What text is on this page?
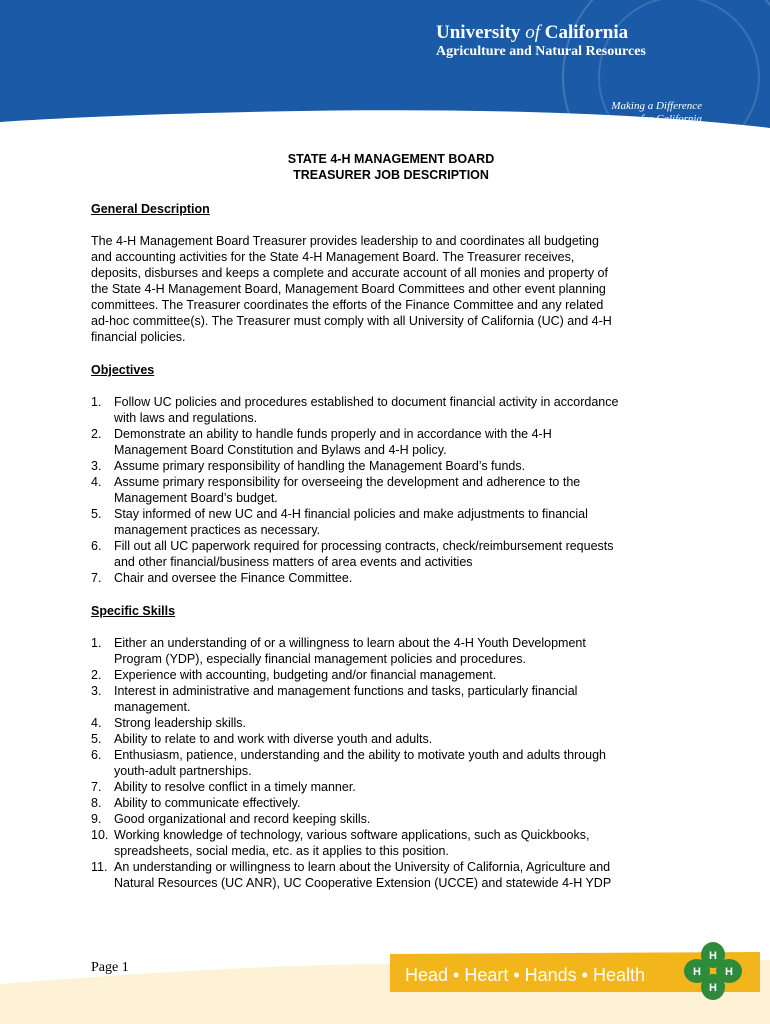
University of California
Agriculture and Natural Resources
Making a Difference
for California
STATE 4-H MANAGEMENT BOARD
TREASURER JOB DESCRIPTION
General Description

The 4-H Management Board Treasurer provides leadership to and coordinates all budgeting
and accounting activities for the State 4-H Management Board. The Treasurer receives,
deposits, disburses and keeps a complete and accurate account of all monies and property of
the State 4-H Management Board, Management Board Committees and other event planning
committees. The Treasurer coordinates the efforts of the Finance Committee and any related
ad-hoc committee(s). The Treasurer must comply with all University of California (UC) and 4-H
financial policies.

Objectives
1. Follow UC policies and procedures established to document financial activity in accordance
with laws and regulations.
2. Demonstrate an ability to handle funds properly and in accordance with the 4-H
Management Board Constitution and Bylaws and 4-H policy.
3. Assume primary responsibility of handling the Management Board’s funds.
4. Assume primary responsibility for overseeing the development and adherence to the
Management Board’s budget.
5. Stay informed of new UC and 4-H financial policies and make adjustments to financial
management practices as necessary.
6. Fill out all UC paperwork required for processing contracts, check/reimbursement requests
and other financial/business matters of area events and activities
7. Chair and oversee the Finance Committee.
Specific Skills
1. Either an understanding of or a willingness to learn about the 4-H Youth Development
Program (YDP), especially financial management policies and procedures.
2. Experience with accounting, budgeting and/or financial management.
3. Interest in administrative and management functions and tasks, particularly financial
management.
4. Strong leadership skills.
5. Ability to relate to and work with diverse youth and adults.
6. Enthusiasm, patience, understanding and the ability to motivate youth and adults through
youth-adult partnerships.
7. Ability to resolve conflict in a timely manner.
8. Ability to communicate effectively.
9. Good organizational and record keeping skills.
10. Working knowledge of technology, various software applications, such as Quickbooks,
spreadsheets, social media, etc. as it applies to this position.
11. An understanding or willingness to learn about the University of California, Agriculture and
Natural Resources (UC ANR), UC Cooperative Extension (UCCE) and statewide 4-H YDP
Page 1	Head • Heart • Hands • Health
H
H
H H
